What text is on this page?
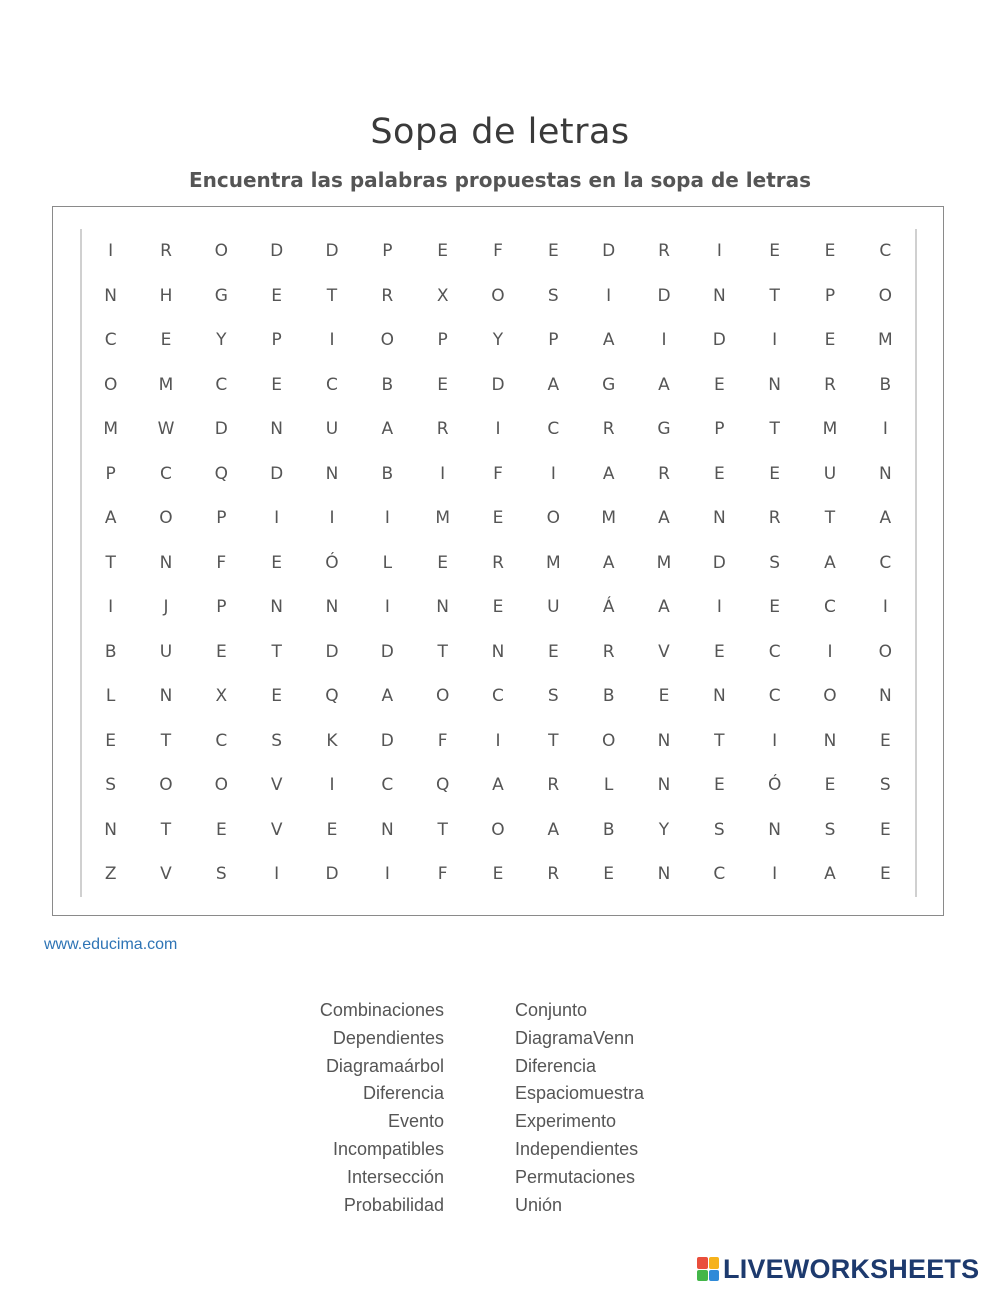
Sopa de letras
Encuentra las palabras propuestas en la sopa de letras
I	R	O	D	D	P	E	F	E	D	R	I	E	E	C
N	H	G	E	T	R	X	O	S	I	D	N	T	P	O
C	E	Y	P	I	O	P	Y	P	A	I	D	I	E	M
O	M	C	E	C	B	E	D	A	G	A	E	N	R	B
M	W	D	N	U	A	R	I	C	R	G	P	T	M	I
P	C	Q	D	N	B	I	F	I	A	R	E	E	U	N
A	O	P	I	I	I	M	E	O	M	A	N	R	T	A
T	N	F	E	Ó	L	E	R	M	A	M	D	S	A	C
I	J	P	N	N	I	N	E	U	Á	A	I	E	C	I
B	U	E	T	D	D	T	N	E	R	V	E	C	I	O
L	N	X	E	Q	A	O	C	S	B	E	N	C	O	N
E	T	C	S	K	D	F	I	T	O	N	T	I	N	E
S	O	O	V	I	C	Q	A	R	L	N	E	Ó	E	S
N	T	E	V	E	N	T	O	A	B	Y	S	N	S	E
Z	V	S	I	D	I	F	E	R	E	N	C	I	A	E
www.educima.com
Combinaciones
Dependientes
Diagramaárbol
Diferencia
Evento
Incompatibles
Intersección
Probabilidad
Conjunto
DiagramaVenn
Diferencia
Espaciomuestra
Experimento
Independientes
Permutaciones
Unión
LIVEWORKSHEETS
